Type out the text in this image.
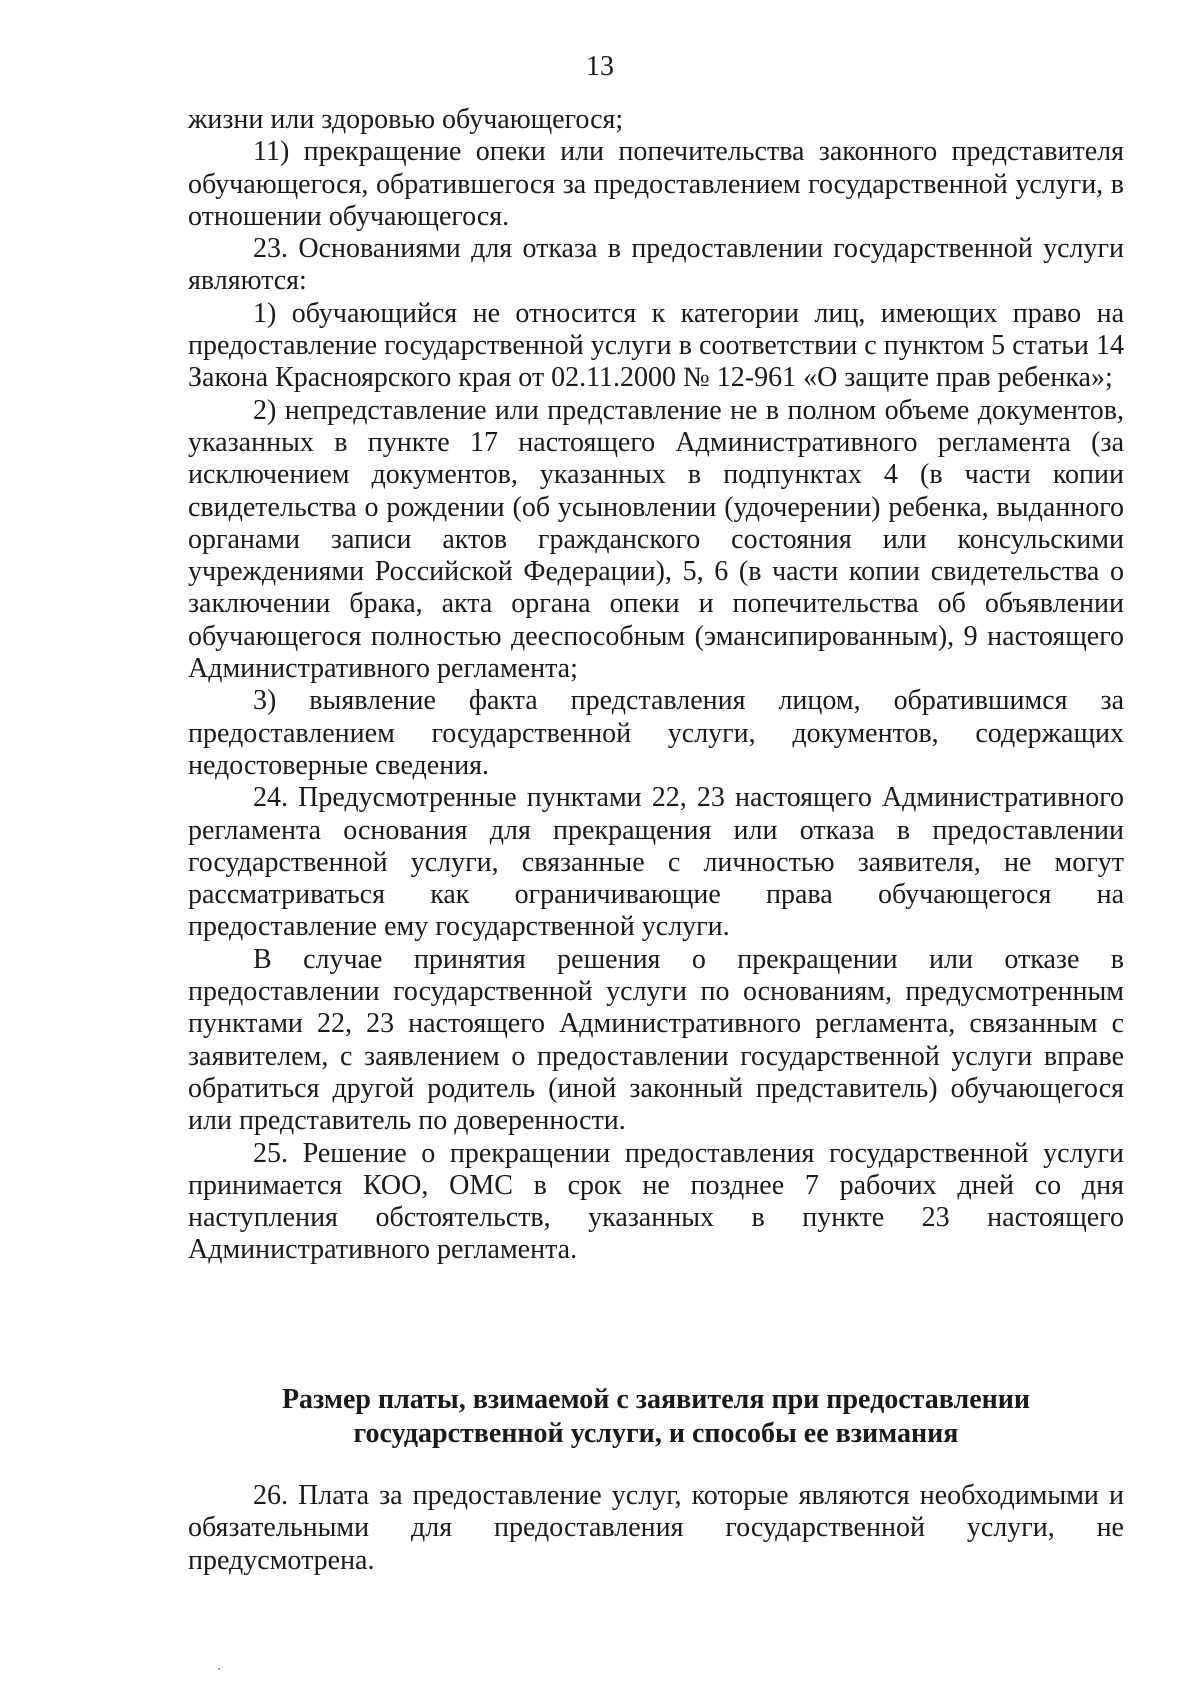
13

жизни или здоровью обучающегося;

11) прекращение опеки или попечительства законного представителя обучающегося, обратившегося за предоставлением государственной услуги, в отношении обучающегося.

23. Основаниями для отказа в предоставлении государственной услуги являются:

1) обучающийся не относится к категории лиц, имеющих право на предоставление государственной услуги в соответствии с пунктом 5 статьи 14 Закона Красноярского края от 02.11.2000 № 12-961 «О защите прав ребенка»;

2) непредставление или представление не в полном объеме документов, указанных в пункте 17 настоящего Административного регламента (за исключением документов, указанных в подпунктах 4 (в части копии свидетельства о рождении (об усыновлении (удочерении) ребенка, выданного органами записи актов гражданского состояния или консульскими учреждениями Российской Федерации), 5, 6 (в части копии свидетельства о заключении брака, акта органа опеки и попечительства об объявлении обучающегося полностью дееспособным (эмансипированным), 9 настоящего Административного регламента;

3) выявление факта представления лицом, обратившимся за предоставлением государственной услуги, документов, содержащих недостоверные сведения.

24. Предусмотренные пунктами 22, 23 настоящего Административного регламента основания для прекращения или отказа в предоставлении государственной услуги, связанные с личностью заявителя, не могут рассматриваться как ограничивающие права обучающегося на предоставление ему государственной услуги.

В случае принятия решения о прекращении или отказе в предоставлении государственной услуги по основаниям, предусмотренным пунктами 22, 23 настоящего Административного регламента, связанным с заявителем, с заявлением о предоставлении государственной услуги вправе обратиться другой родитель (иной законный представитель) обучающегося или представитель по доверенности.

25. Решение о прекращении предоставления государственной услуги принимается КОО, ОМС в срок не позднее 7 рабочих дней со дня наступления обстоятельств, указанных в пункте 23 настоящего Административного регламента.

Размер платы, взимаемой с заявителя при предоставлении
государственной услуги, и способы ее взимания

26. Плата за предоставление услуг, которые являются необходимыми и обязательными для предоставления государственной услуги, не предусмотрена.
